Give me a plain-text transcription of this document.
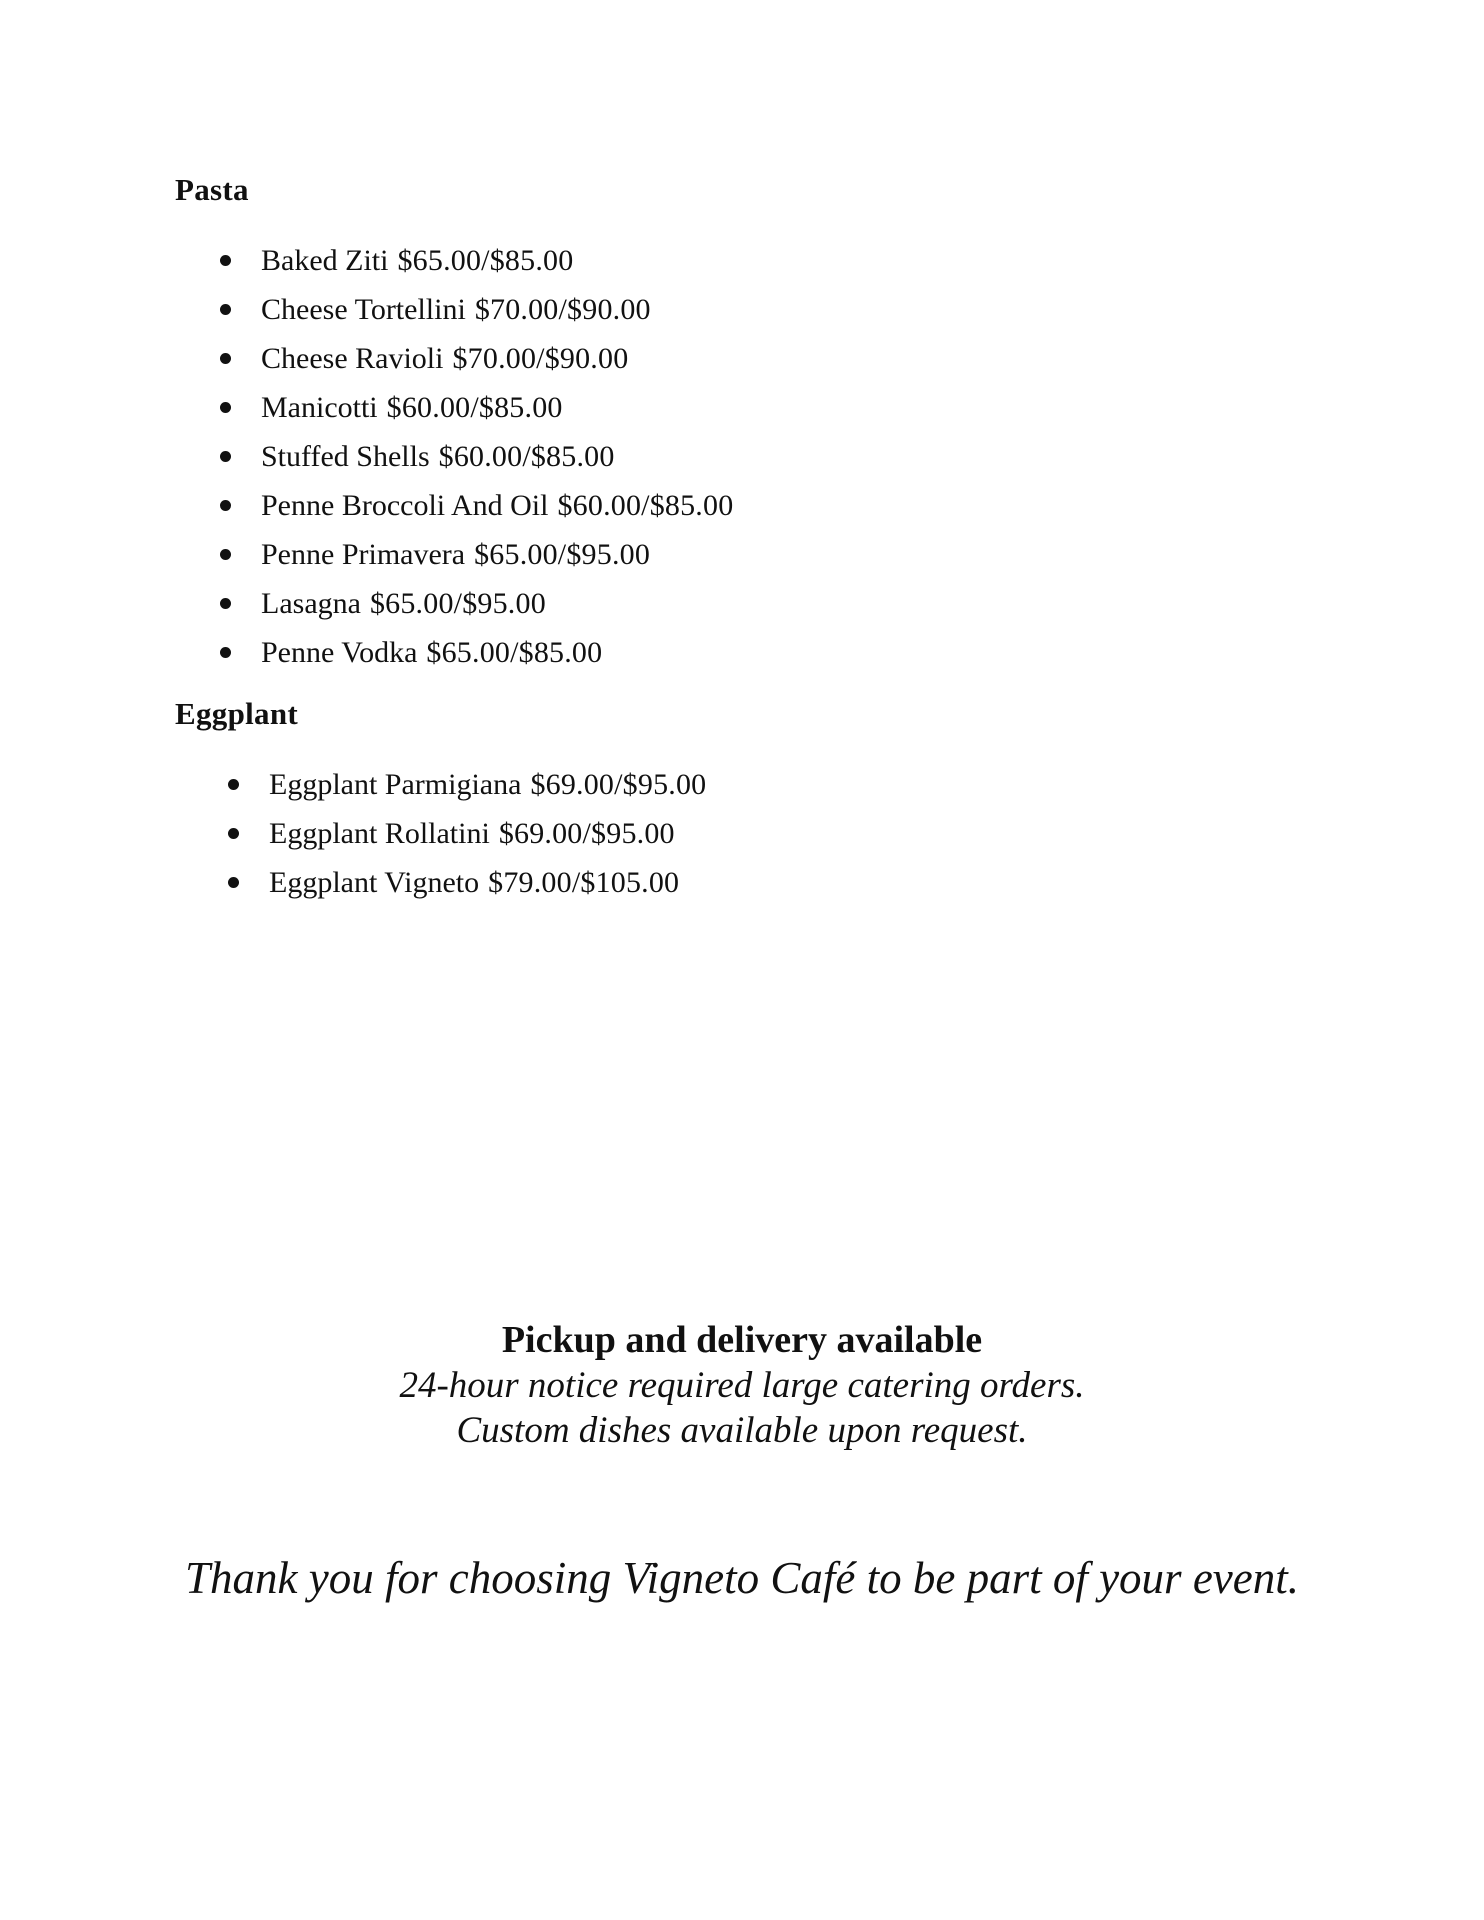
Pasta
Baked Ziti $65.00/$85.00
Cheese Tortellini $70.00/$90.00
Cheese Ravioli $70.00/$90.00
Manicotti $60.00/$85.00
Stuffed Shells $60.00/$85.00
Penne Broccoli And Oil $60.00/$85.00
Penne Primavera $65.00/$95.00
Lasagna $65.00/$95.00
Penne Vodka $65.00/$85.00
Eggplant
Eggplant Parmigiana $69.00/$95.00
Eggplant Rollatini $69.00/$95.00
Eggplant Vigneto $79.00/$105.00
Pickup and delivery available
24-hour notice required large catering orders.
Custom dishes available upon request.
Thank you for choosing Vigneto Café to be part of your event.
